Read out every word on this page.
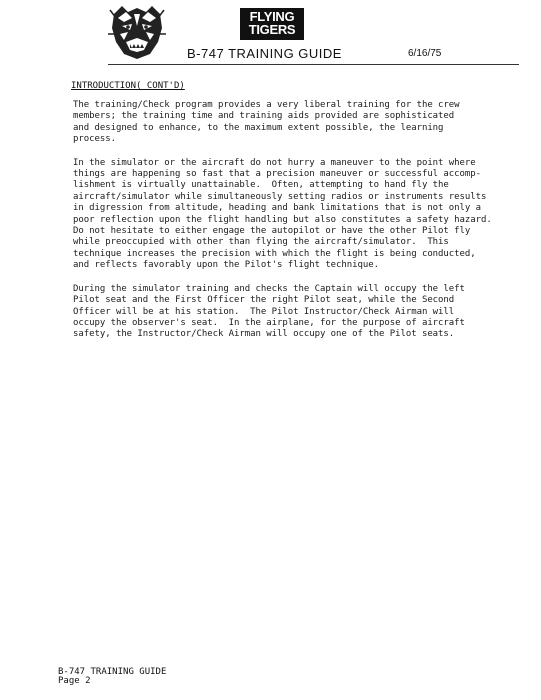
FLYING
TIGERS
B-747 TRAINING GUIDE	6/16/75
INTRODUCTION( CONT'D)

The training/Check program provides a very liberal training for the crew
members; the training time and training aids provided are sophisticated
and designed to enhance, to the maximum extent possible, the learning
process.

In the simulator or the aircraft do not hurry a maneuver to the point where
things are happening so fast that a precision maneuver or successful accomp-
lishment is virtually unattainable.  Often, attempting to hand fly the
aircraft/simulator while simultaneously setting radios or instruments results
in digression from altitude, heading and bank limitations that is not only a
poor reflection upon the flight handling but also constitutes a safety hazard.
Do not hesitate to either engage the autopilot or have the other Pilot fly
while preoccupied with other than flying the aircraft/simulator.  This
technique increases the precision with which the flight is being conducted,
and reflects favorably upon the Pilot's flight technique.

During the simulator training and checks the Captain will occupy the left
Pilot seat and the First Officer the right Pilot seat, while the Second
Officer will be at his station.  The Pilot Instructor/Check Airman will
occupy the observer's seat.  In the airplane, for the purpose of aircraft
safety, the Instructor/Check Airman will occupy one of the Pilot seats.

B-747 TRAINING GUIDE
Page 2
